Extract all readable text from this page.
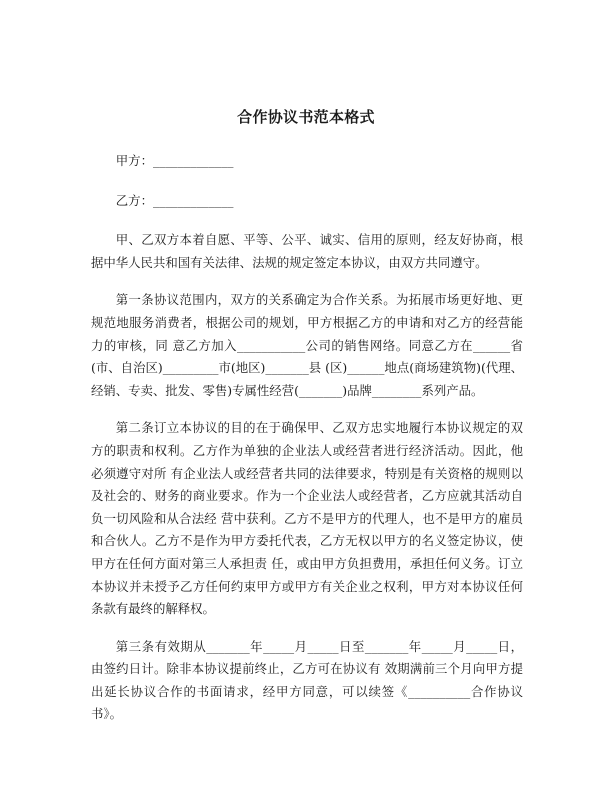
合作协议书范本格式

甲方：_____________

乙方：_____________

甲、乙双方本着自愿、平等、公平、诚实、信用的原则，经友好协商，根据中华人民共和国有关法律、法规的规定签定本协议，由双方共同遵守。

第一条协议范围内，双方的关系确定为合作关系。为拓展市场更好地、更规范地服务消费者，根据公司的规划，甲方根据乙方的申请和对乙方的经营能力的审核，同 意乙方加入___________公司的销售网络。同意乙方在______省(市、自治区)_________市(地区)_______县 (区)______地点(商场建筑物)(代理、经销、专卖、批发、零售)专属性经营(_______)品牌________系列产品。

第二条订立本协议的目的在于确保甲、乙双方忠实地履行本协议规定的双方的职责和权利。乙方作为单独的企业法人或经营者进行经济活动。因此，他必须遵守对所 有企业法人或经营者共同的法律要求，特别是有关资格的规则以及社会的、财务的商业要求。作为一个企业法人或经营者，乙方应就其活动自负一切风险和从合法经 营中获利。乙方不是甲方的代理人，也不是甲方的雇员和合伙人。乙方不是作为甲方委托代表，乙方无权以甲方的名义签定协议，使甲方在任何方面对第三人承担责 任，或由甲方负担费用，承担任何义务。订立本协议并未授予乙方任何约束甲方或甲方有关企业之权利，甲方对本协议任何条款有最终的解释权。

第三条有效期从_______年_____月_____日至_______年_____月_____日，由签约日计。除非本协议提前终止，乙方可在协议有 效期满前三个月向甲方提出延长协议合作的书面请求，经甲方同意，可以续签《__________合作协议书》。
